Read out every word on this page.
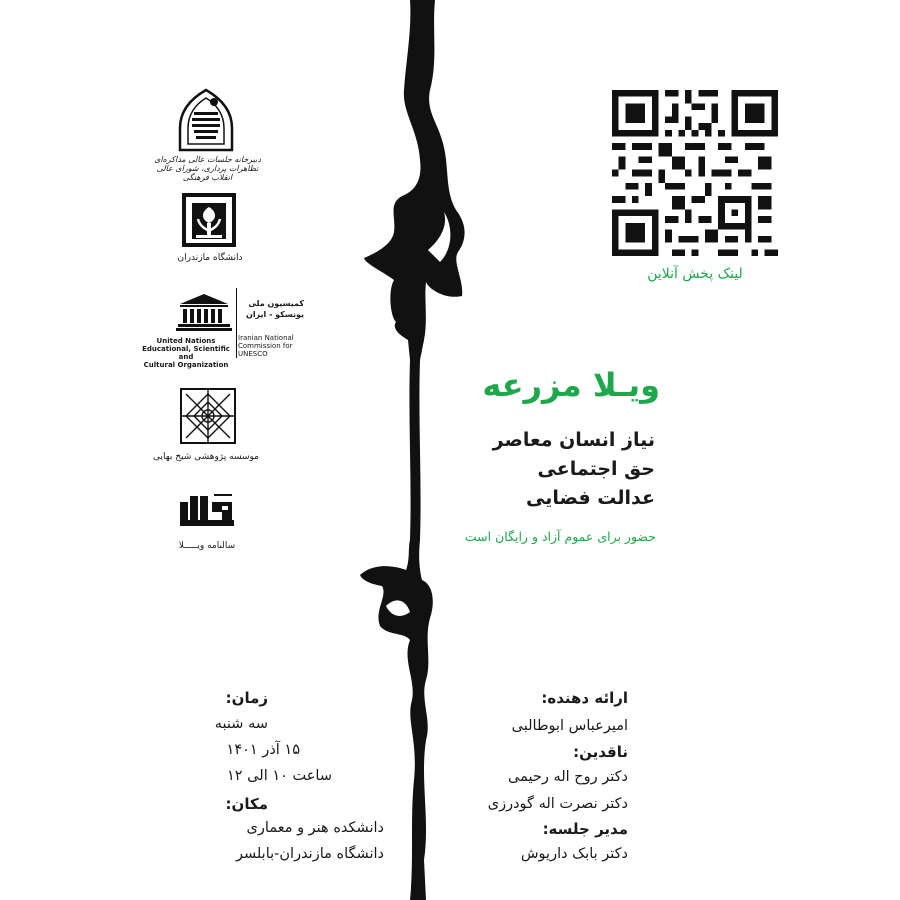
لینک پخش آنلاین
ویـلا مزرعه
نیاز انسان معاصر
حق اجتماعی
عدالت فضایی
حضور برای عموم آزاد و رایگان است
دبیرخانه جلسات عالی مذاکره‌ای تظاهرات پرداری، شورای عالی انقلاب فرهنگی
دانشگاه مازندران
United Nations
Educational, Scientific and
Cultural Organization
کمیسیون ملی
یونسکو - ایران
Iranian National
Commission for
UNESCO
موسسه پژوهشی شیخ بهایی
سالنامه ویـــــلا
ارائه دهنده:
امیرعباس ابوطالبی
ناقدین:
دکتر روح اله رحیمی
دکتر نصرت اله گودرزی
مدیر جلسه:
دکتر بابک داریوش
زمان:
سه شنبه
۱۵ آذر ۱۴۰۱
ساعت ۱۰ الی ۱۲
مکان:
دانشکده هنر و معماری
دانشگاه مازندران-بابلسر
